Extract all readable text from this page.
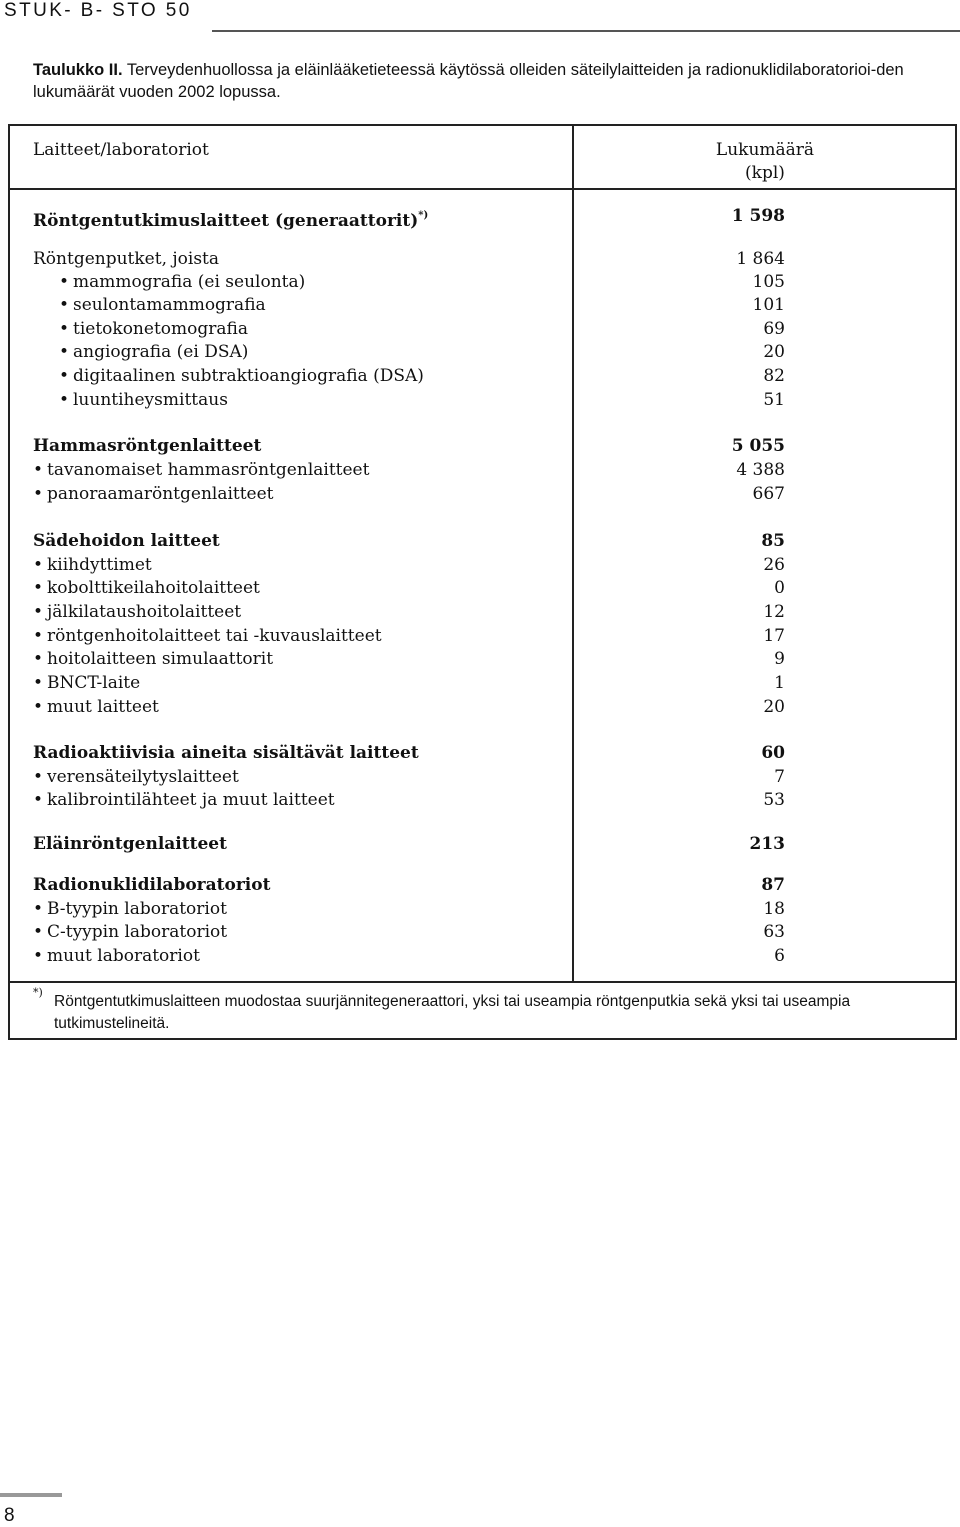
STUK- B- STO 50
Taulukko II. Terveydenhuollossa ja eläinlääketieteessä käytössä olleiden säteilylaitteiden ja radionuklidilaboratorioi-den lukumäärät vuoden 2002 lopussa.
Laitteet/laboratoriot	Lukumäärä
(kpl)
Röntgentutkimuslaitteet (generaattorit)*)	1 598
Röntgenputket, joista	1 864
• mammografia (ei seulonta)	105
• seulontamammografia	101
• tietokonetomografia	69
• angiografia (ei DSA)	20
• digitaalinen subtraktioangiografia (DSA)	82
• luuntiheysmittaus	51
Hammasröntgenlaitteet	5 055
• tavanomaiset hammasröntgenlaitteet	4 388
• panoraamaröntgenlaitteet	667
Sädehoidon laitteet	85
• kiihdyttimet	26
• kobolttikeilahoitolaitteet	0
• jälkilataushoitolaitteet	12
• röntgenhoitolaitteet tai -kuvauslaitteet	17
• hoitolaitteen simulaattorit	9
• BNCT-laite	1
• muut laitteet	20
Radioaktiivisia aineita sisältävät laitteet	60
• verensäteilytyslaitteet	7
• kalibrointilähteet ja muut laitteet	53
Eläinröntgenlaitteet	213
Radionuklidilaboratoriot	87
• B-tyypin laboratoriot	18
• C-tyypin laboratoriot	63
• muut laboratoriot	6
*)
Röntgentutkimuslaitteen muodostaa suurjännitegeneraattori, yksi tai useampia röntgenputkia sekä yksi tai useampia tutkimustelineitä.
8
